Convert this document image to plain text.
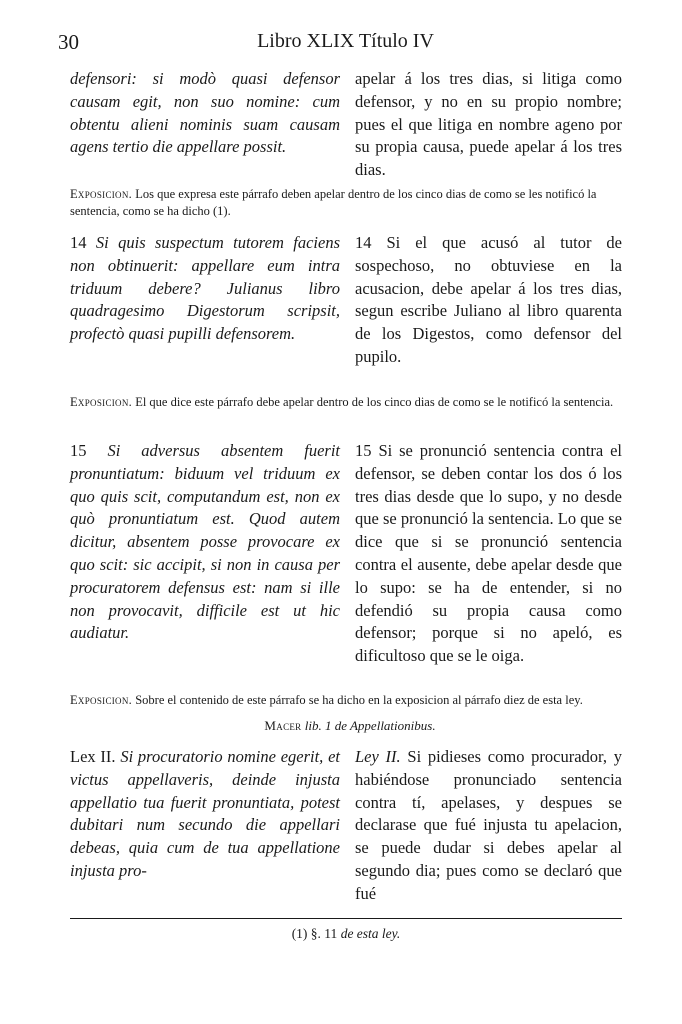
30	Libro XLIX Título IV
defensori: si modò quasi defensor causam egit, non suo nomine: cum obtentu alieni nominis suam causam agens tertio die appellare possit.
apelar á los tres dias, si litiga como defensor, y no en su propio nombre; pues el que litiga en nombre ageno por su propia causa, puede apelar á los tres dias.
Exposicion. Los que expresa este párrafo deben apelar dentro de los cinco dias de como se les notificó la sentencia, como se ha dicho (1).
14 Si quis suspectum tutorem faciens non obtinuerit: appellare eum intra triduum debere? Julianus libro quadragesimo Digestorum scripsit, profectò quasi pupilli defensorem.
14 Si el que acusó al tutor de sospechoso, no obtuviese en la acusacion, debe apelar á los tres dias, segun escribe Juliano al libro quarenta de los Digestos, como defensor del pupilo.
Exposicion. El que dice este párrafo debe apelar dentro de los cinco dias de como se le notificó la sentencia.
15 Si adversus absentem fuerit pronuntiatum: biduum vel triduum ex quo quis scit, computandum est, non ex quò pronuntiatum est. Quod autem dicitur, absentem posse provocare ex quo scit: sic accipit, si non in causa per procuratorem defensus est: nam si ille non provocavit, difficile est ut hic audiatur.
15 Si se pronunció sentencia contra el defensor, se deben contar los dos ó los tres dias desde que lo supo, y no desde que se pronunció la sentencia. Lo que se dice que si se pronunció sentencia contra el ausente, debe apelar desde que lo supo: se ha de entender, si no defendió su propia causa como defensor; porque si no apeló, es dificultoso que se le oiga.
Exposicion. Sobre el contenido de este párrafo se ha dicho en la exposicion al párrafo diez de esta ley.
Macer lib. 1 de Appellationibus.
Lex II. Si procuratorio nomine egerit, et victus appellaveris, deinde injusta appellatio tua fuerit pronuntiata, potest dubitari num secundo die appellari debeas, quia cum de tua appellatione injusta pro-
Ley II. Si pidieses como procurador, y habiéndose pronunciado sentencia contra tí, apelases, y despues se declarase que fué injusta tu apelacion, se puede dudar si debes apelar al segundo dia; pues como se declaró que fué
(1) §. 11 de esta ley.
